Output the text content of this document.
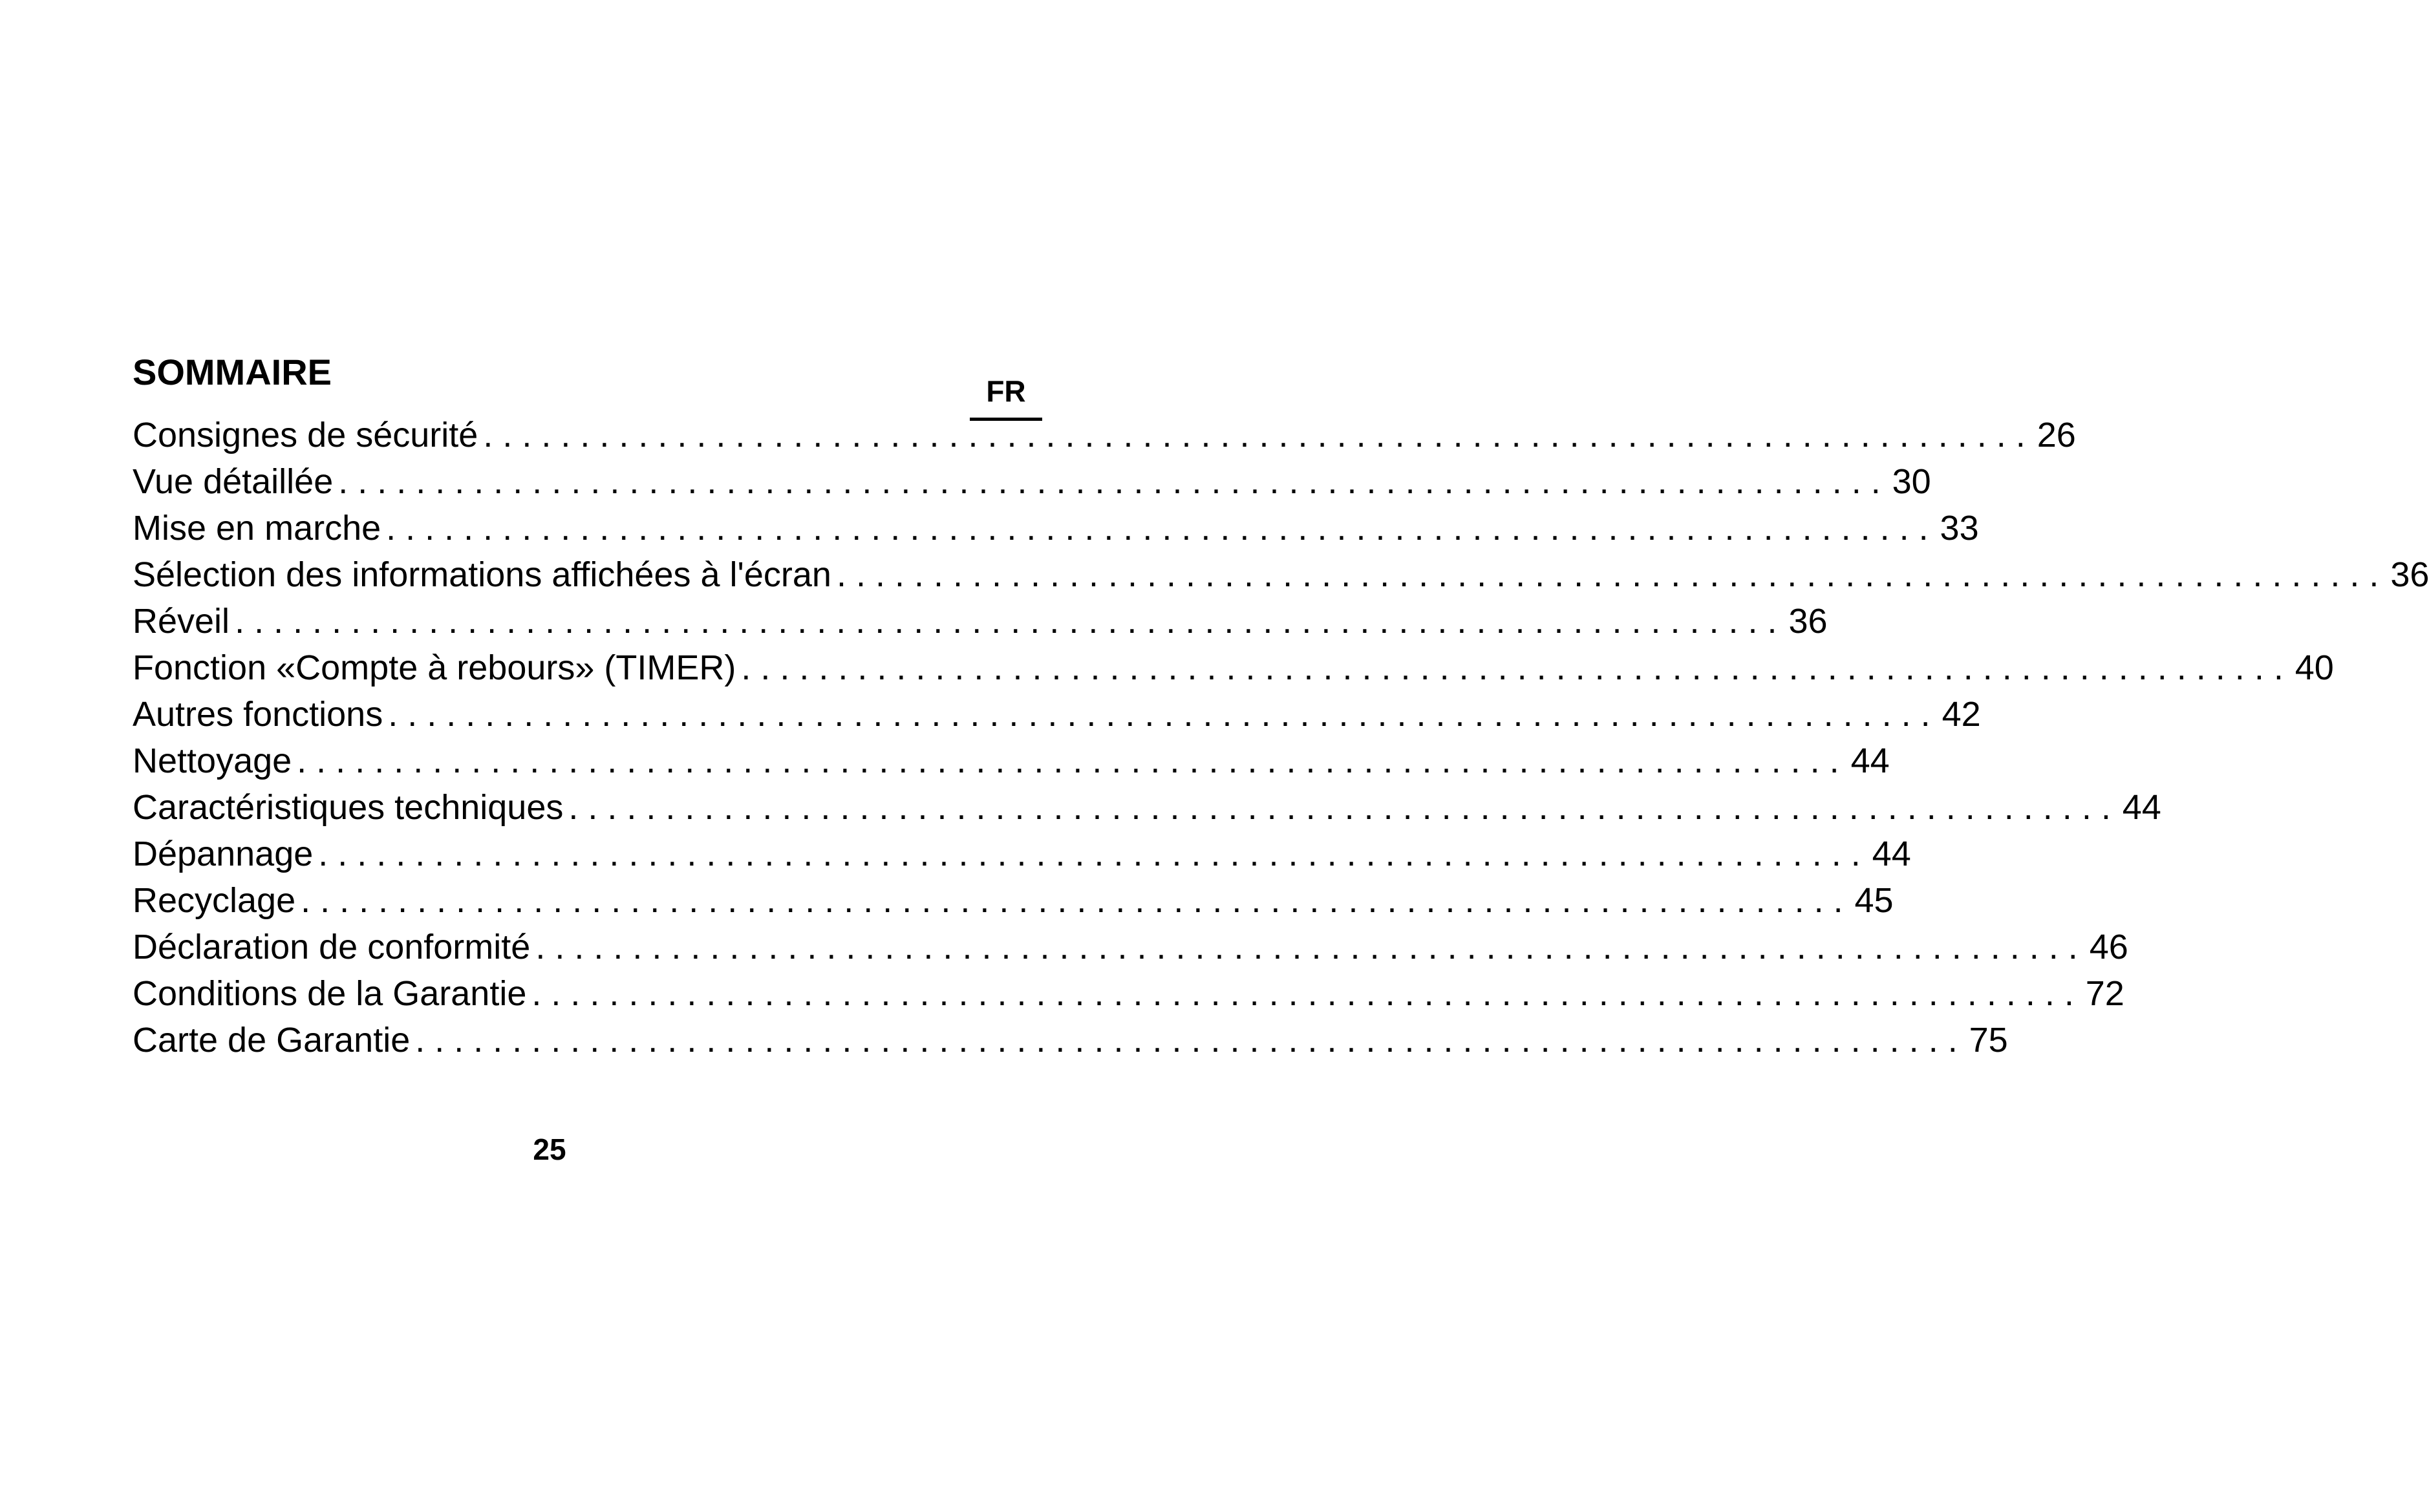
SOMMAIRE	FR
Consignes de sécurité . . . . . . . . . . . . . . . . . . . . . . . . . . . . . . . . . . . . . . . . . . . . . . . . . . . . . . . . . . . . . . . . . . . . . . . . . . . . . . . . 26
Vue détaillée . . . . . . . . . . . . . . . . . . . . . . . . . . . . . . . . . . . . . . . . . . . . . . . . . . . . . . . . . . . . . . . . . . . . . . . . . . . . . . . . 30
Mise en marche . . . . . . . . . . . . . . . . . . . . . . . . . . . . . . . . . . . . . . . . . . . . . . . . . . . . . . . . . . . . . . . . . . . . . . . . . . . . . . . . 33
Sélection des informations affichées à l'écran . . . . . . . . . . . . . . . . . . . . . . . . . . . . . . . . . . . . . . . . . . . . . . . . . . . . . . . . . . . . . . . . . . . . . . . . . . . . . . . . 36
Réveil . . . . . . . . . . . . . . . . . . . . . . . . . . . . . . . . . . . . . . . . . . . . . . . . . . . . . . . . . . . . . . . . . . . . . . . . . . . . . . . . 36
Fonction «Compte à rebours» (TIMER) . . . . . . . . . . . . . . . . . . . . . . . . . . . . . . . . . . . . . . . . . . . . . . . . . . . . . . . . . . . . . . . . . . . . . . . . . . . . . . . . 40
Autres fonctions . . . . . . . . . . . . . . . . . . . . . . . . . . . . . . . . . . . . . . . . . . . . . . . . . . . . . . . . . . . . . . . . . . . . . . . . . . . . . . . . 42
Nettoyage . . . . . . . . . . . . . . . . . . . . . . . . . . . . . . . . . . . . . . . . . . . . . . . . . . . . . . . . . . . . . . . . . . . . . . . . . . . . . . . . 44
Caractéristiques techniques . . . . . . . . . . . . . . . . . . . . . . . . . . . . . . . . . . . . . . . . . . . . . . . . . . . . . . . . . . . . . . . . . . . . . . . . . . . . . . . . 44
Dépannage . . . . . . . . . . . . . . . . . . . . . . . . . . . . . . . . . . . . . . . . . . . . . . . . . . . . . . . . . . . . . . . . . . . . . . . . . . . . . . . . 44
Recyclage . . . . . . . . . . . . . . . . . . . . . . . . . . . . . . . . . . . . . . . . . . . . . . . . . . . . . . . . . . . . . . . . . . . . . . . . . . . . . . . . 45
Déclaration de conformité . . . . . . . . . . . . . . . . . . . . . . . . . . . . . . . . . . . . . . . . . . . . . . . . . . . . . . . . . . . . . . . . . . . . . . . . . . . . . . . . 46
Conditions de la Garantie . . . . . . . . . . . . . . . . . . . . . . . . . . . . . . . . . . . . . . . . . . . . . . . . . . . . . . . . . . . . . . . . . . . . . . . . . . . . . . . . 72
Carte de Garantie . . . . . . . . . . . . . . . . . . . . . . . . . . . . . . . . . . . . . . . . . . . . . . . . . . . . . . . . . . . . . . . . . . . . . . . . . . . . . . . . 75
25
